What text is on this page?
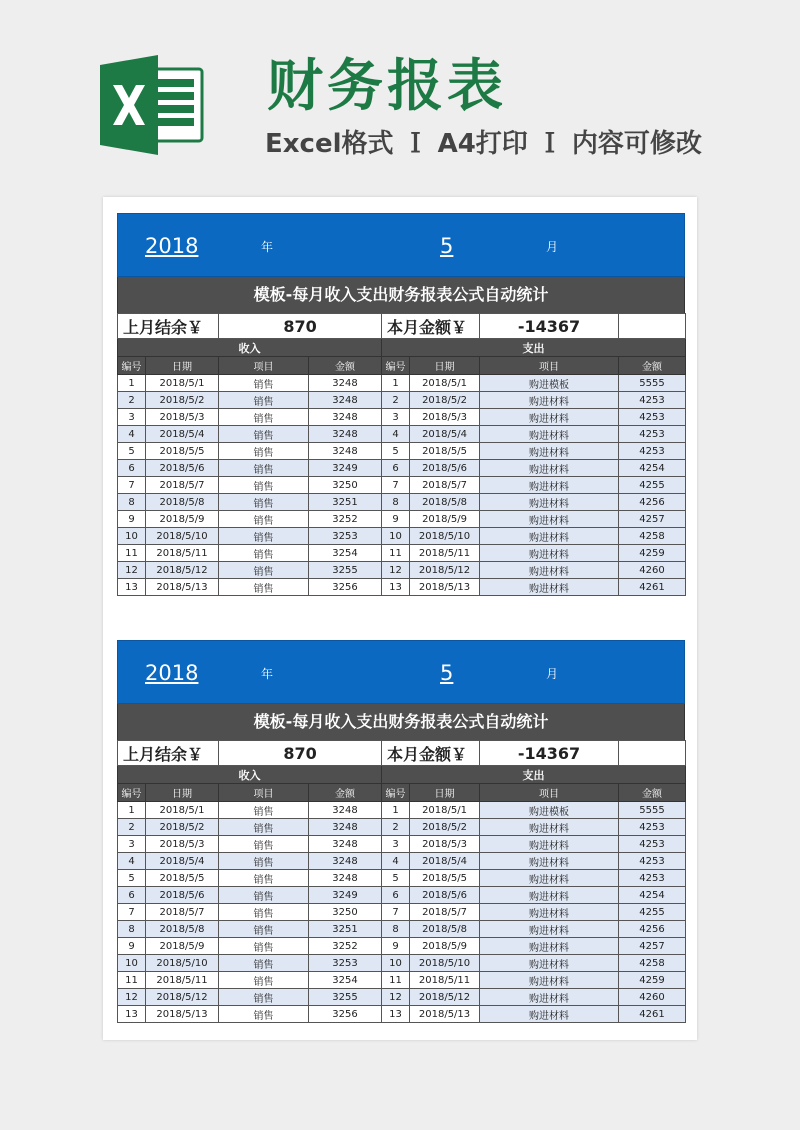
财务报表
Excel格式 Ｉ A4打印 Ｉ 内容可修改
2018	年	5	月
模板-每月收入支出财务报表公式自动统计
上月结余￥		870		本月金额￥		-14367	
收入				支出			
编号	日期	项目	金额	编号	日期	项目	金额
1	2018/5/1	销售	3248	1	2018/5/1	购进模板	5555
2	2018/5/2	销售	3248	2	2018/5/2	购进材料	4253
3	2018/5/3	销售	3248	3	2018/5/3	购进材料	4253
4	2018/5/4	销售	3248	4	2018/5/4	购进材料	4253
5	2018/5/5	销售	3248	5	2018/5/5	购进材料	4253
6	2018/5/6	销售	3249	6	2018/5/6	购进材料	4254
7	2018/5/7	销售	3250	7	2018/5/7	购进材料	4255
8	2018/5/8	销售	3251	8	2018/5/8	购进材料	4256
9	2018/5/9	销售	3252	9	2018/5/9	购进材料	4257
10	2018/5/10	销售	3253	10	2018/5/10	购进材料	4258
11	2018/5/11	销售	3254	11	2018/5/11	购进材料	4259
12	2018/5/12	销售	3255	12	2018/5/12	购进材料	4260
13	2018/5/13	销售	3256	13	2018/5/13	购进材料	4261
2018	年	5	月
模板-每月收入支出财务报表公式自动统计
上月结余￥		870		本月金额￥		-14367	
收入				支出			
编号	日期	项目	金额	编号	日期	项目	金额
1	2018/5/1	销售	3248	1	2018/5/1	购进模板	5555
2	2018/5/2	销售	3248	2	2018/5/2	购进材料	4253
3	2018/5/3	销售	3248	3	2018/5/3	购进材料	4253
4	2018/5/4	销售	3248	4	2018/5/4	购进材料	4253
5	2018/5/5	销售	3248	5	2018/5/5	购进材料	4253
6	2018/5/6	销售	3249	6	2018/5/6	购进材料	4254
7	2018/5/7	销售	3250	7	2018/5/7	购进材料	4255
8	2018/5/8	销售	3251	8	2018/5/8	购进材料	4256
9	2018/5/9	销售	3252	9	2018/5/9	购进材料	4257
10	2018/5/10	销售	3253	10	2018/5/10	购进材料	4258
11	2018/5/11	销售	3254	11	2018/5/11	购进材料	4259
12	2018/5/12	销售	3255	12	2018/5/12	购进材料	4260
13	2018/5/13	销售	3256	13	2018/5/13	购进材料	4261
